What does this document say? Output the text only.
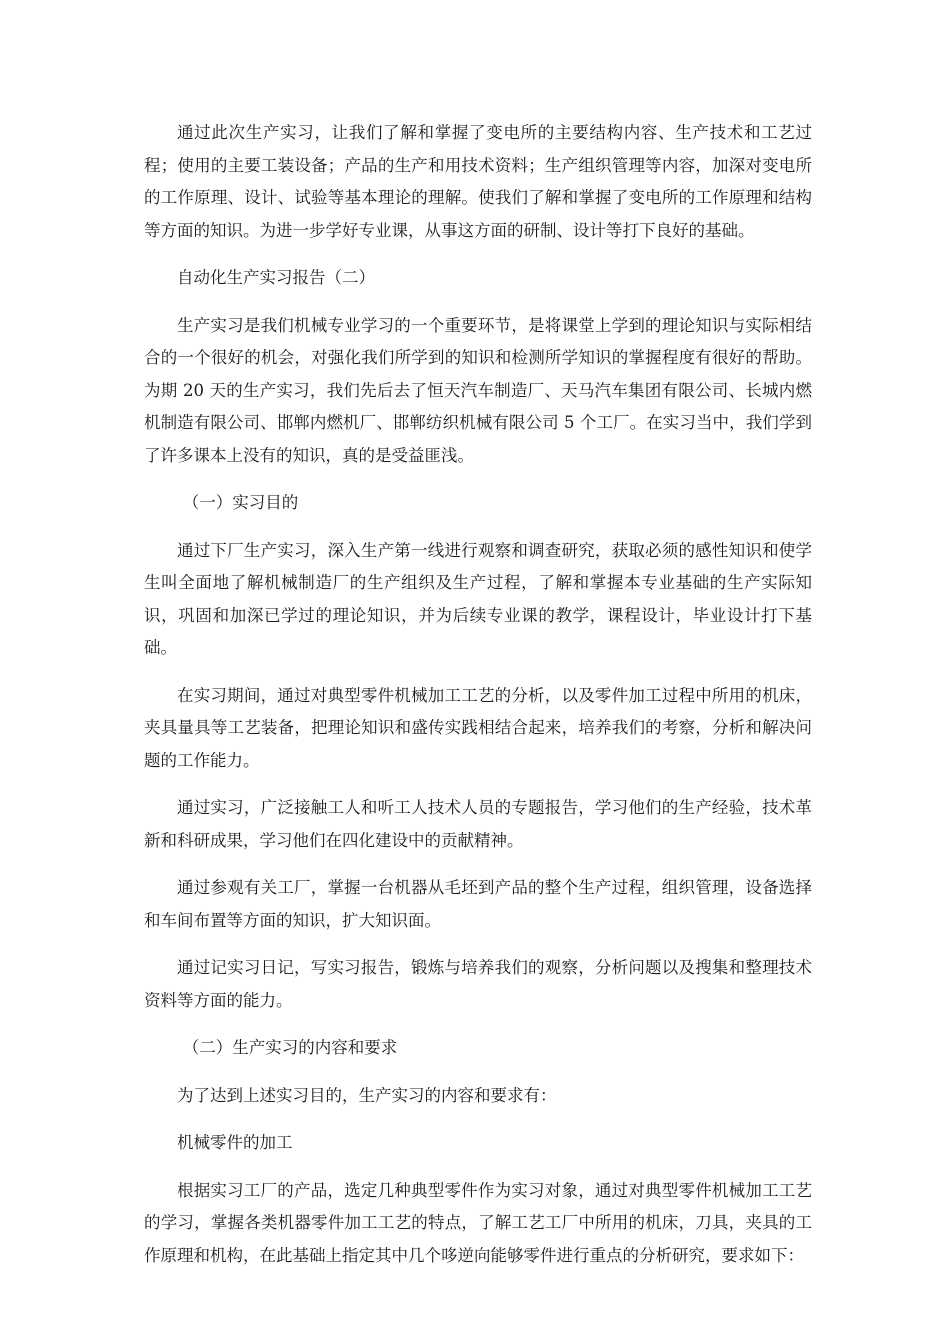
通过此次生产实习，让我们了解和掌握了变电所的主要结构内容、生产技术和工艺过程；使用的主要工装设备；产品的生产和用技术资料；生产组织管理等内容，加深对变电所的工作原理、设计、试验等基本理论的理解。使我们了解和掌握了变电所的工作原理和结构等方面的知识。为进一步学好专业课，从事这方面的研制、设计等打下良好的基础。

自动化生产实习报告（二）

生产实习是我们机械专业学习的一个重要环节，是将课堂上学到的理论知识与实际相结合的一个很好的机会，对强化我们所学到的知识和检测所学知识的掌握程度有很好的帮助。为期 20 天的生产实习，我们先后去了恒天汽车制造厂、天马汽车集团有限公司、长城内燃机制造有限公司、邯郸内燃机厂、邯郸纺织机械有限公司 5 个工厂。在实习当中，我们学到了许多课本上没有的知识，真的是受益匪浅。

（一）实习目的

通过下厂生产实习，深入生产第一线进行观察和调查研究，获取必须的感性知识和使学生叫全面地了解机械制造厂的生产组织及生产过程，了解和掌握本专业基础的生产实际知识，巩固和加深已学过的理论知识，并为后续专业课的教学，课程设计，毕业设计打下基础。

在实习期间，通过对典型零件机械加工工艺的分析，以及零件加工过程中所用的机床，夹具量具等工艺装备，把理论知识和盛传实践相结合起来，培养我们的考察，分析和解决问题的工作能力。

通过实习，广泛接触工人和听工人技术人员的专题报告，学习他们的生产经验，技术革新和科研成果，学习他们在四化建设中的贡献精神。

通过参观有关工厂，掌握一台机器从毛坯到产品的整个生产过程，组织管理，设备选择和车间布置等方面的知识，扩大知识面。

通过记实习日记，写实习报告，锻炼与培养我们的观察，分析问题以及搜集和整理技术资料等方面的能力。

（二）生产实习的内容和要求

为了达到上述实习目的，生产实习的内容和要求有：

机械零件的加工

根据实习工厂的产品，选定几种典型零件作为实习对象，通过对典型零件机械加工工艺的学习，掌握各类机器零件加工工艺的特点，了解工艺工厂中所用的机床，刀具，夹具的工作原理和机构，在此基础上指定其中几个哆逆向能够零件进行重点的分析研究，要求如下：
